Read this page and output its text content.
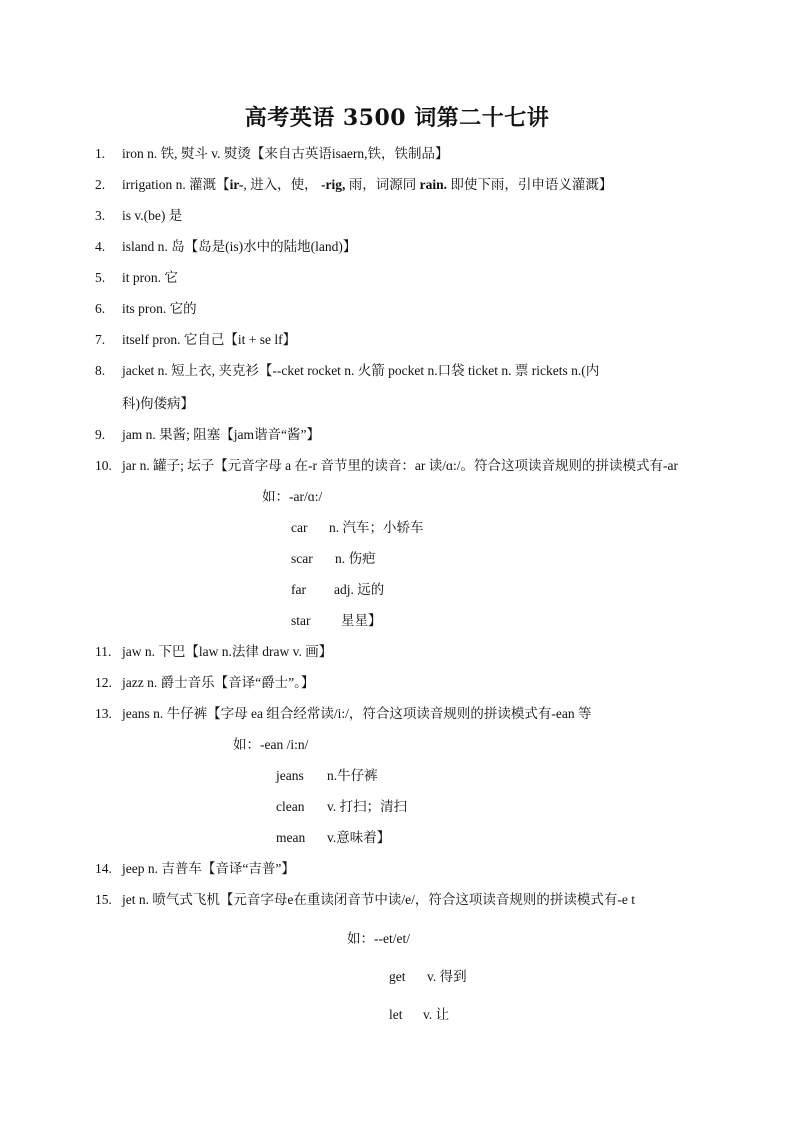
高考英语 3500 词第二十七讲
1. iron n. 铁, 熨斗 v. 熨烫【来自古英语isaern,铁，铁制品】
2. irrigation n. 灌溉【ir-, 进入，使， -rig, 雨，词源同 rain. 即使下雨，引申语义灌溉】
3. is v.(be) 是
4. island n. 岛【岛是(is)水中的陆地(land)】
5. it pron. 它
6. its pron. 它的
7. itself pron. 它自己【it + se lf】
8. jacket n. 短上衣, 夹克衫【--cket rocket n. 火箭 pocket n.口袋 ticket n. 票 rickets n.(内
科)佝偻病】
9. jam n. 果酱; 阻塞【jam谐音“酱”】
10. jar n. 罐子; 坛子【元音字母 a 在-r 音节里的读音：ar 读/ɑ:/。符合这项读音规则的拼读模式有-ar
如：-ar/ɑ:/
car n. 汽车；小轿车
scar n. 伤疤
far adj. 远的
star 星星】
11. jaw n. 下巴【law n.法律 draw v. 画】
12. jazz n. 爵士音乐【音译“爵士”。】
13. jeans n. 牛仔裤【字母 ea 组合经常读/i:/，符合这项读音规则的拼读模式有-ean 等
如：-ean /i:n/
jeans n.牛仔裤
clean v. 打扫；清扫
mean v.意味着】
14. jeep n. 吉普车【音译“吉普”】
15. jet n. 喷气式飞机【元音字母e在重读闭音节中读/e/，符合这项读音规则的拼读模式有-e t
如：--et/et/
get v. 得到
let v. 让
